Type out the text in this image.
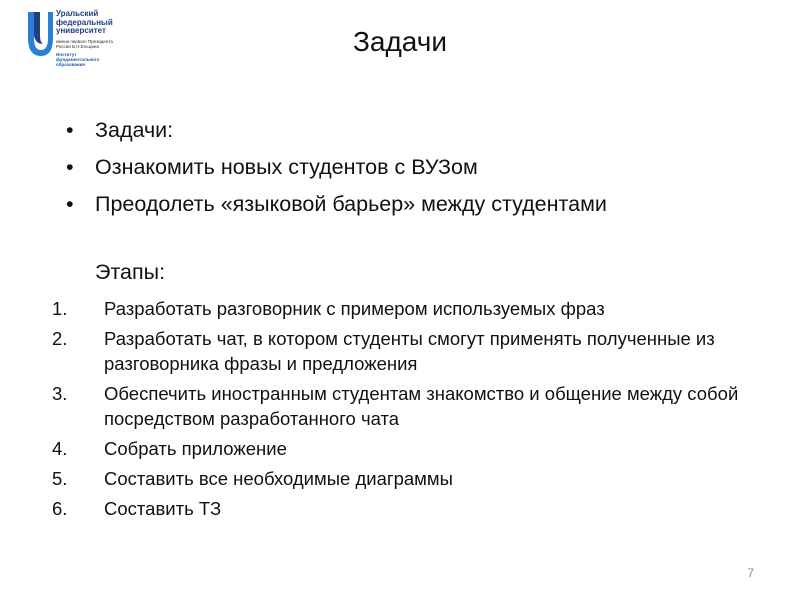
Уральский
федеральный
университет
имени первого Президента
России Б.Н.Ельцина
Институт
фундаментального
образования
Задачи
• Задачи:
• Ознакомить новых студентов с ВУЗом
• Преодолеть «языковой барьер» между студентами
Этапы:
1. Разработать разговорник с примером используемых фраз
2. Разработать чат, в котором студенты смогут применять полученные из разговорника фразы и предложения
3. Обеспечить иностранным студентам знакомство и общение между собой посредством разработанного чата
4. Собрать приложение
5. Составить все необходимые диаграммы
6. Составить ТЗ
7
